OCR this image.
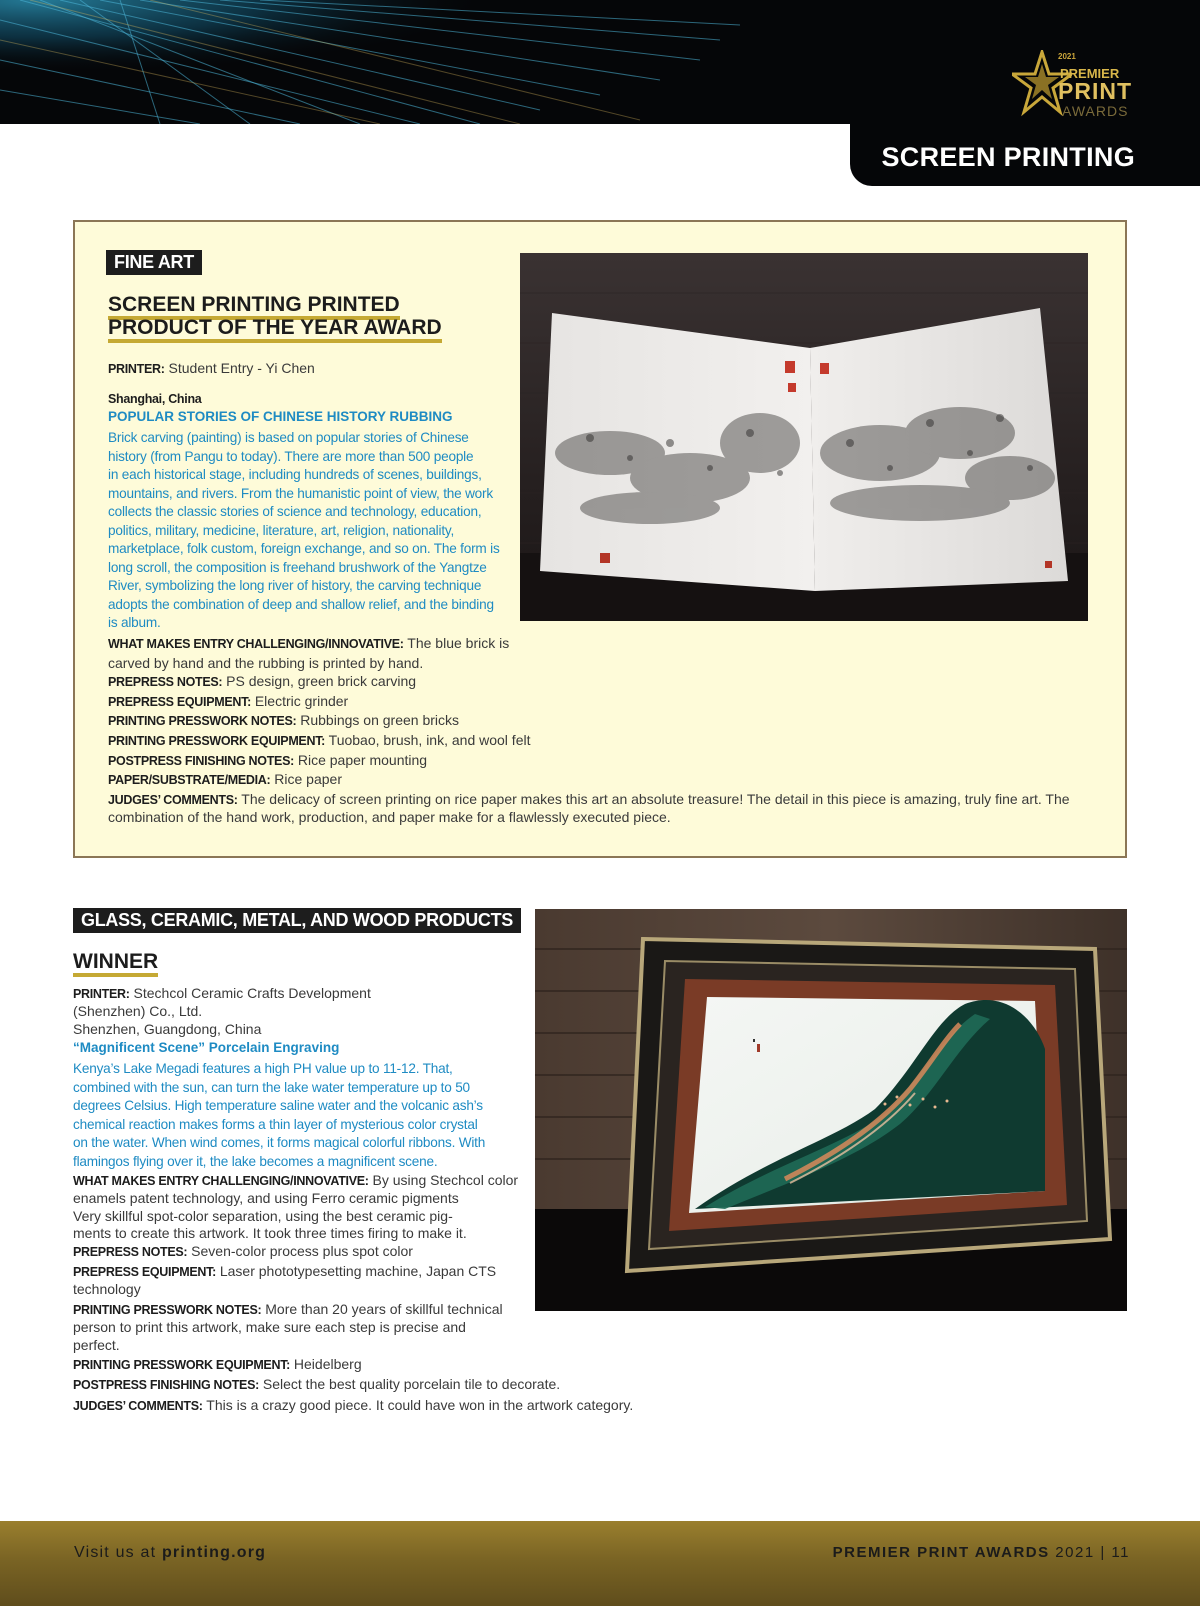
2021
PREMIER
PRINT
AWARDS
SCREEN PRINTING
FINE ART
SCREEN PRINTING PRINTED PRODUCT OF THE YEAR AWARD
PRINTER: Student Entry - Yi Chen
Shanghai, China
POPULAR STORIES OF CHINESE HISTORY RUBBING
Brick carving (painting) is based on popular stories of Chinese
history (from Pangu to today). There are more than 500 people
in each historical stage, including hundreds of scenes, buildings,
mountains, and rivers. From the humanistic point of view, the work
collects the classic stories of science and technology, education,
politics, military, medicine, literature, art, religion, nationality,
marketplace, folk custom, foreign exchange, and so on. The form is
long scroll, the composition is freehand brushwork of the Yangtze
River, symbolizing the long river of history, the carving technique
adopts the combination of deep and shallow relief, and the binding
is album.
WHAT MAKES ENTRY CHALLENGING/INNOVATIVE: The blue brick is
carved by hand and the rubbing is printed by hand.
PREPRESS NOTES: PS design, green brick carving
PREPRESS EQUIPMENT: Electric grinder
PRINTING PRESSWORK NOTES: Rubbings on green bricks
PRINTING PRESSWORK EQUIPMENT: Tuobao, brush, ink, and wool felt
POSTPRESS FINISHING NOTES: Rice paper mounting
PAPER/SUBSTRATE/MEDIA: Rice paper
JUDGES’ COMMENTS: The delicacy of screen printing on rice paper makes this art an absolute treasure! The detail in this piece is amazing, truly fine art. The
combination of the hand work, production, and paper make for a flawlessly executed piece.
GLASS, CERAMIC, METAL, AND WOOD PRODUCTS
WINNER
PRINTER: Stechcol Ceramic Crafts Development
(Shenzhen) Co., Ltd.
Shenzhen, Guangdong, China
“Magnificent Scene” Porcelain Engraving
Kenya’s Lake Megadi features a high PH value up to 11-12. That,
combined with the sun, can turn the lake water temperature up to 50
degrees Celsius. High temperature saline water and the volcanic ash’s
chemical reaction makes forms a thin layer of mysterious color crystal
on the water. When wind comes, it forms magical colorful ribbons. With
flamingos flying over it, the lake becomes a magnificent scene.
WHAT MAKES ENTRY CHALLENGING/INNOVATIVE: By using Stechcol color
enamels patent technology, and using Ferro ceramic pigments
Very skillful spot-color separation, using the best ceramic pig-
ments to create this artwork. It took three times firing to make it.
PREPRESS NOTES: Seven-color process plus spot color
PREPRESS EQUIPMENT: Laser phototypesetting machine, Japan CTS
technology
PRINTING PRESSWORK NOTES: More than 20 years of skillful technical
person to print this artwork, make sure each step is precise and
perfect.
PRINTING PRESSWORK EQUIPMENT: Heidelberg
POSTPRESS FINISHING NOTES: Select the best quality porcelain tile to decorate.
JUDGES’ COMMENTS: This is a crazy good piece. It could have won in the artwork category.
Visit us at printing.org	PREMIER PRINT AWARDS 2021 | 11
